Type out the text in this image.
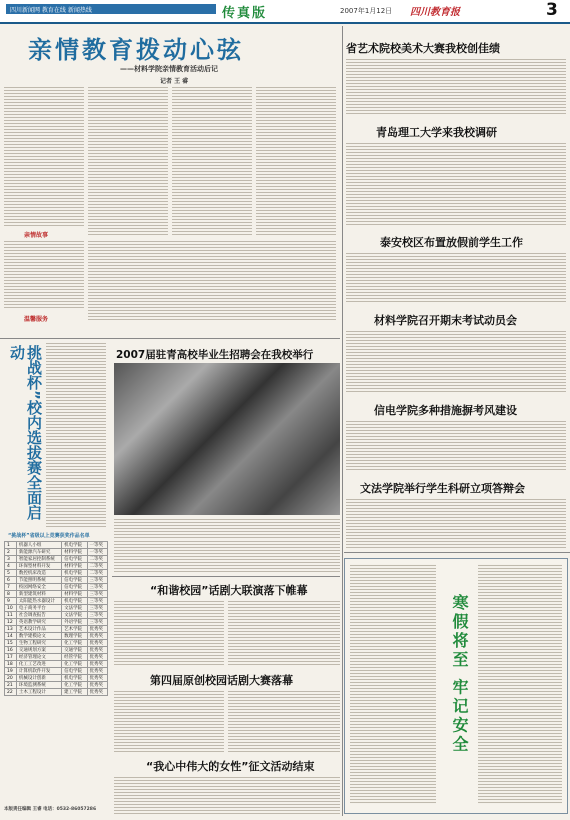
四川新闻网 教育在线 新闻热线	传真版	2007年1月12日 四川教育报	3
亲情教育拨动心弦
——材料学院亲情教育活动后记
记者 王 睿
亲情故事
温馨服务
挑战杯”校内选拔赛全面启动
“挑战杯”省级以上竞赛获奖作品名单
1	机器人小组	机电学院	一等奖
2	新能源汽车研究	材料学院	一等奖
3	智能家居控制系统	信电学院	二等奖
4	环保型材料开发	材料学院	二等奖
5	数控机床改造	机电学院	二等奖
6	节能照明系统	信电学院	三等奖
7	校园网络安全	信电学院	三等奖
8	新型建筑材料	材料学院	三等奖
9	太阳能热水器设计	机电学院	三等奖
10	电子商务平台	文法学院	三等奖
11	社会调查报告	文法学院	三等奖
12	英语教学研究	外语学院	三等奖
13	艺术设计作品	艺术学院	优秀奖
14	数学建模论文	数理学院	优秀奖
15	生物工程研究	化工学院	优秀奖
16	交通规划方案	交通学院	优秀奖
17	经济管理论文	经管学院	优秀奖
18	化工工艺改进	化工学院	优秀奖
19	计算机软件开发	信电学院	优秀奖
20	机械设计创新	机电学院	优秀奖
21	环境监测系统	化工学院	优秀奖
22	土木工程设计	建工学院	优秀奖
本版责任编辑 王睿 电话：0532-86057286
2007届驻青高校毕业生招聘会在我校举行
“和谐校园”话剧大联演落下帷幕
第四届原创校园话剧大赛落幕
“我心中伟大的女性”征文活动结束
省艺术院校美术大赛我校创佳绩
青岛理工大学来我校调研
泰安校区布置放假前学生工作
材料学院召开期末考试动员会
信电学院多种措施摒考风建设
文法学院举行学生科研立项答辩会
寒假将至 牢记安全
